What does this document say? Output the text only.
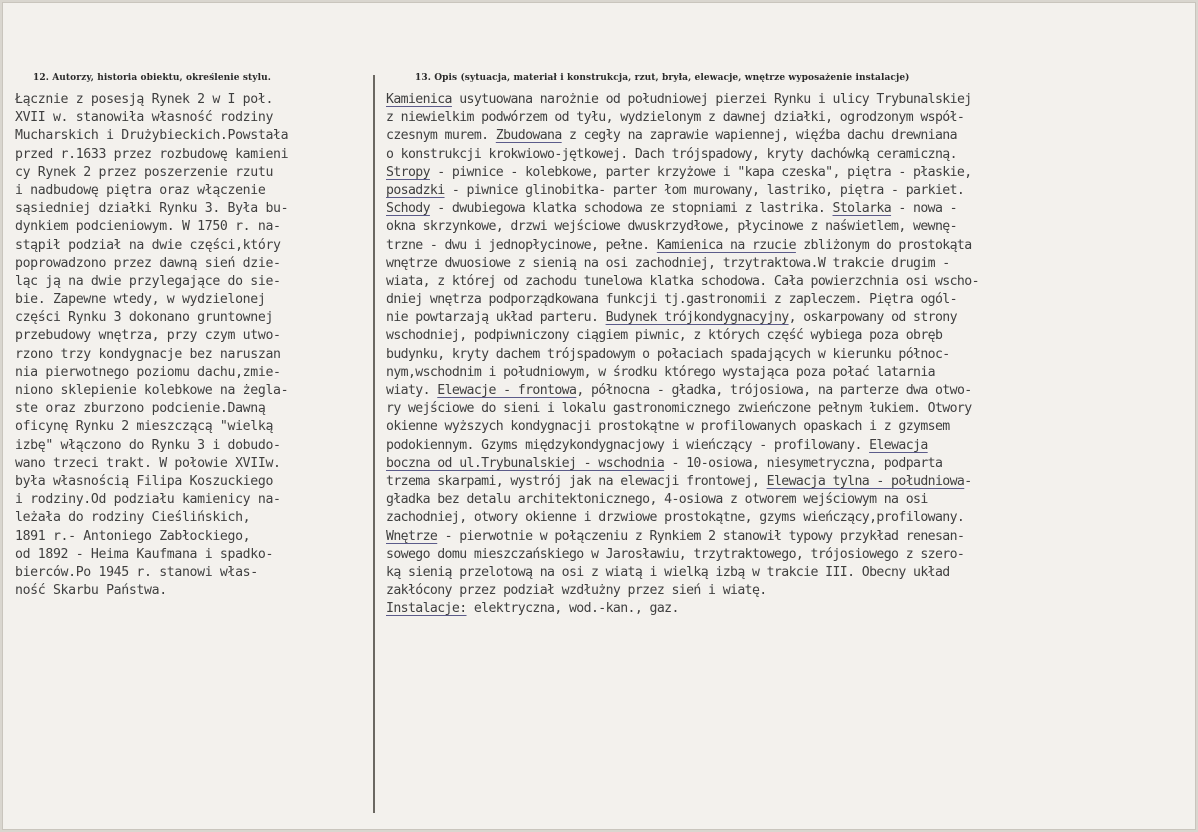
12. Autorzy, historia obiektu, określenie stylu.	13. Opis (sytuacja, materiał i konstrukcja, rzut, bryła, elewacje, wnętrze wyposażenie instalacje)
Łącznie z posesją Rynek 2 w I poł.
XVII w. stanowiła własność rodziny
Mucharskich i Drużybieckich.Powstała
przed r.1633 przez rozbudowę kamieni
cy Rynek 2 przez poszerzenie rzutu
i nadbudowę piętra oraz włączenie
sąsiedniej działki Rynku 3. Była bu-
dynkiem podcieniowym. W 1750 r. na-
stąpił podział na dwie części,który
poprowadzono przez dawną sień dzie-
ląc ją na dwie przylegające do sie-
bie. Zapewne wtedy, w wydzielonej
części Rynku 3 dokonano gruntownej
przebudowy wnętrza, przy czym utwo-
rzono trzy kondygnacje bez naruszan
nia pierwotnego poziomu dachu,zmie-
niono sklepienie kolebkowe na żegla-
ste oraz zburzono podcienie.Dawną
oficynę Rynku 2 mieszczącą "wielką
izbę" włączono do Rynku 3 i dobudo-
wano trzeci trakt. W połowie XVIIw.
była własnością Filipa Koszuckiego
i rodziny.Od podziału kamienicy na-
leżała do rodziny Cieślińskich,
1891 r.- Antoniego Zabłockiego,
od 1892 - Heima Kaufmana i spadko-
bierców.Po 1945 r. stanowi włas-
ność Skarbu Państwa.
Kamienica usytuowana narożnie od południowej pierzei Rynku i ulicy Trybunalskiej
z niewielkim podwórzem od tyłu, wydzielonym z dawnej działki, ogrodzonym współ-
czesnym murem. Zbudowana z cegły na zaprawie wapiennej, więźba dachu drewniana
o konstrukcji krokwiowo-jętkowej. Dach trójspadowy, kryty dachówką ceramiczną.
Stropy - piwnice - kolebkowe, parter krzyżowe i "kapa czeska", piętra - płaskie,
posadzki - piwnice glinobitka- parter łom murowany, lastriko, piętra - parkiet.
Schody - dwubiegowa klatka schodowa ze stopniami z lastrika. Stolarka - nowa -
okna skrzynkowe, drzwi wejściowe dwuskrzydłowe, płycinowe z naświetlem, wewnę-
trzne - dwu i jednopłycinowe, pełne. Kamienica na rzucie zbliżonym do prostokąta
wnętrze dwuosiowe z sienią na osi zachodniej, trzytraktowa.W trakcie drugim -
wiata, z której od zachodu tunelowa klatka schodowa. Cała powierzchnia osi wscho-
dniej wnętrza podporządkowana funkcji tj.gastronomii z zapleczem. Piętra ogól-
nie powtarzają układ parteru. Budynek trójkondygnacyjny, oskarpowany od strony
wschodniej, podpiwniczony ciągiem piwnic, z których część wybiega poza obręb
budynku, kryty dachem trójspadowym o połaciach spadających w kierunku północ-
nym,wschodnim i południowym, w środku którego wystająca poza połać latarnia
wiaty. Elewacje - frontowa, północna - gładka, trójosiowa, na parterze dwa otwo-
ry wejściowe do sieni i lokalu gastronomicznego zwieńczone pełnym łukiem. Otwory
okienne wyższych kondygnacji prostokątne w profilowanych opaskach i z gzymsem
podokiennym. Gzyms międzykondygnacjowy i wieńczący - profilowany. Elewacja
boczna od ul.Trybunalskiej - wschodnia - 10-osiowa, niesymetryczna, podparta
trzema skarpami, wystrój jak na elewacji frontowej, Elewacja tylna - południowa-
gładka bez detalu architektonicznego, 4-osiowa z otworem wejściowym na osi
zachodniej, otwory okienne i drzwiowe prostokątne, gzyms wieńczący,profilowany.
Wnętrze - pierwotnie w połączeniu z Rynkiem 2 stanowił typowy przykład renesan-
sowego domu mieszczańskiego w Jarosławiu, trzytraktowego, trójosiowego z szero-
ką sienią przelotową na osi z wiatą i wielką izbą w trakcie III. Obecny układ
zakłócony przez podział wzdłużny przez sień i wiatę.
Instalacje: elektryczna, wod.-kan., gaz.
